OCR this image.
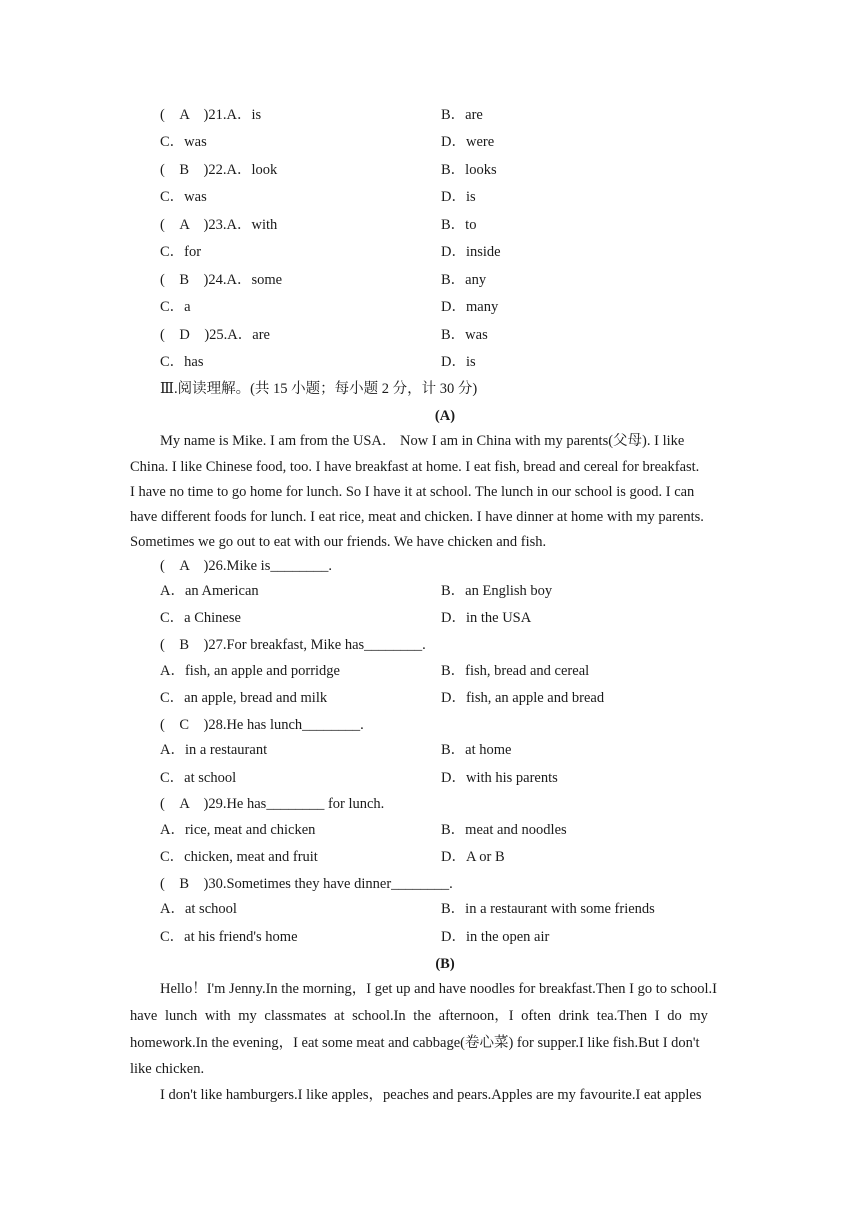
(　A　)21.A．is	B．are
C．was	D．were
(　B　)22.A．look	B．looks
C．was	D．is
(　A　)23.A．with	B．to
C．for	D．inside
(　B　)24.A．some	B．any
C．a	D．many
(　D　)25.A．are	B．was
C．has	D．is
Ⅲ.阅读理解。(共 15 小题；每小题 2 分，计 30 分)
(A)
My name is Mike. I am from the USA． Now I am in China with my parents(父母). I like
China. I like Chinese food, too. I have breakfast at home. I eat fish, bread and cereal for breakfast.
I have no time to go home for lunch. So I have it at school. The lunch in our school is good. I can
have different foods for lunch. I eat rice, meat and chicken. I have dinner at home with my parents.
Sometimes we go out to eat with our friends. We have chicken and fish.
(　A　)26.Mike is________.
A．an American	B．an English boy
C．a Chinese	D．in the USA
(　B　)27.For breakfast, Mike has________.
A．fish, an apple and porridge	B．fish, bread and cereal
C．an apple, bread and milk	D．fish, an apple and bread
(　C　)28.He has lunch________.
A．in a restaurant	B．at home
C．at school	D．with his parents
(　A　)29.He has________ for lunch.
A．rice, meat and chicken	B．meat and noodles
C．chicken, meat and fruit	D．A or B
(　B　)30.Sometimes they have dinner________.
A．at school	B．in a restaurant with some friends
C．at his friend's home	D．in the open air
(B)
Hello！I'm Jenny.In the morning，I get up and have noodles for breakfast.Then I go to school.I
have lunch with my classmates at school.In the afternoon，I often drink tea.Then I do my
homework.In the evening，I eat some meat and cabbage(卷心菜) for supper.I like fish.But I don't
like chicken.
I don't like hamburgers.I like apples，peaches and pears.Apples are my favourite.I eat apples
